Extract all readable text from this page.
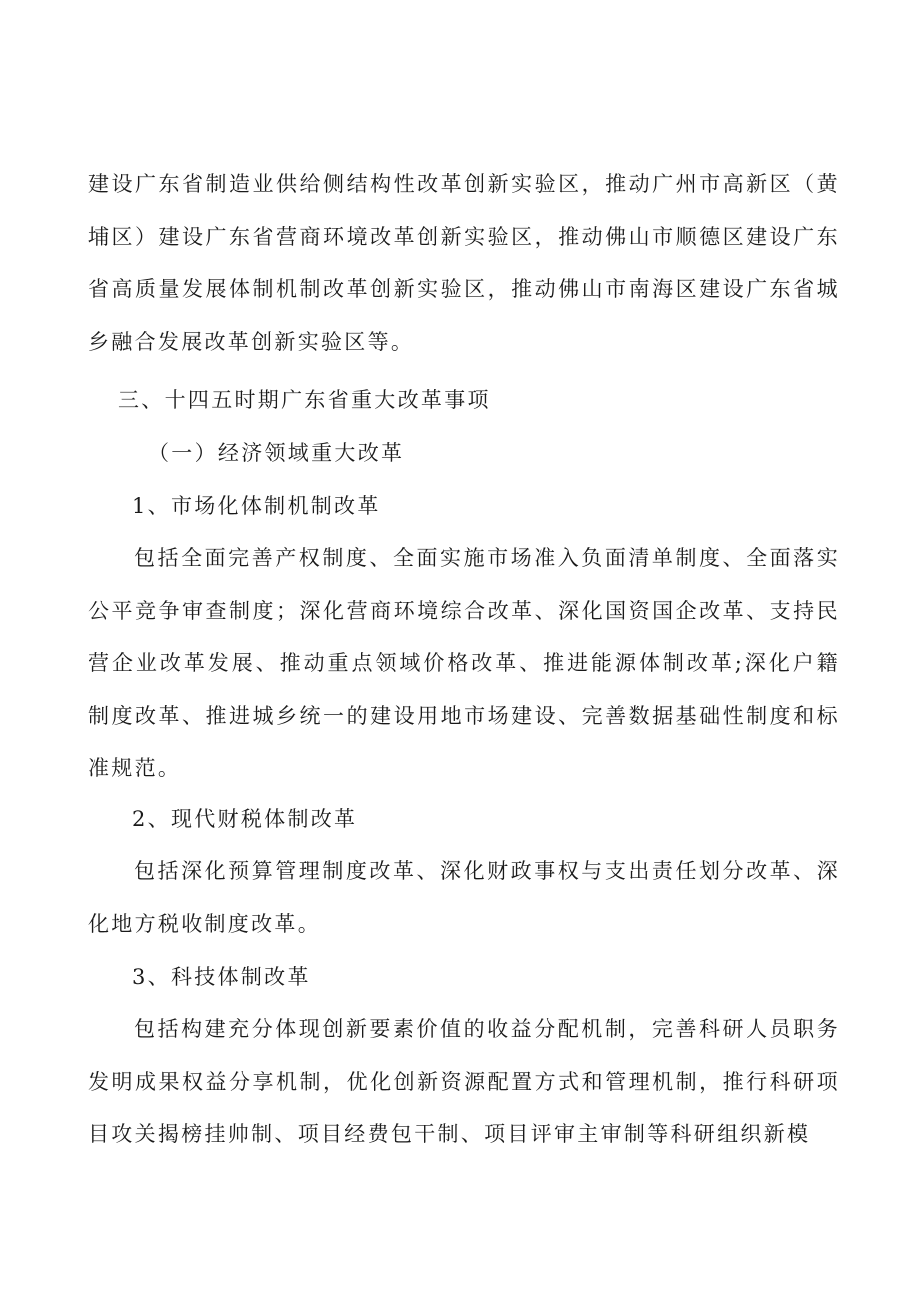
建设广东省制造业供给侧结构性改革创新实验区，推动广州市高新区（黄埔区）建设广东省营商环境改革创新实验区，推动佛山市顺德区建设广东省高质量发展体制机制改革创新实验区，推动佛山市南海区建设广东省城乡融合发展改革创新实验区等。

三、十四五时期广东省重大改革事项
（一）经济领域重大改革
1、市场化体制机制改革

包括全面完善产权制度、全面实施市场准入负面清单制度、全面落实公平竞争审查制度；深化营商环境综合改革、深化国资国企改革、支持民营企业改革发展、推动重点领域价格改革、推进能源体制改革;深化户籍制度改革、推进城乡统一的建设用地市场建设、完善数据基础性制度和标准规范。

2、现代财税体制改革

包括深化预算管理制度改革、深化财政事权与支出责任划分改革、深化地方税收制度改革。

3、科技体制改革

包括构建充分体现创新要素价值的收益分配机制，完善科研人员职务发明成果权益分享机制，优化创新资源配置方式和管理机制，推行科研项目攻关揭榜挂帅制、项目经费包干制、项目评审主审制等科研组织新模
